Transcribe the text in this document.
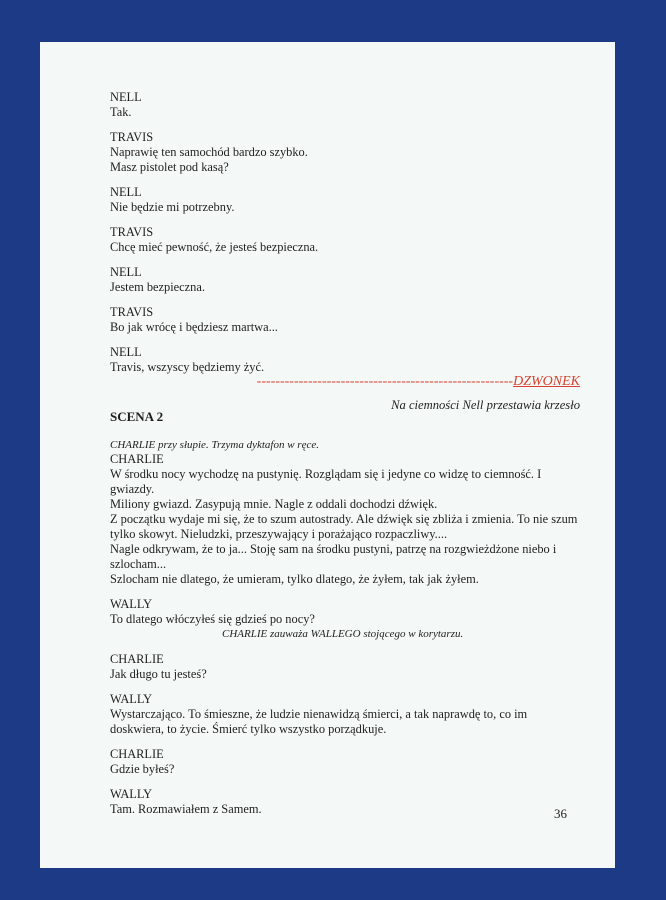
NELL

Tak.

TRAVIS

Naprawię ten samochód bardzo szybko.

Masz pistolet pod kasą?

NELL

Nie będzie mi potrzebny.

TRAVIS

Chcę mieć pewność, że jesteś bezpieczna.

NELL

Jestem bezpieczna.

TRAVIS

Bo jak wrócę i będziesz martwa...

NELL

Travis, wszyscy będziemy żyć.

-------------------------------------------------------DZWONEK

SCENA 2
Na ciemności Nell przestawia krzesło

CHARLIE przy słupie. Trzyma dyktafon w ręce.

CHARLIE

W środku nocy wychodzę na pustynię. Rozglądam się i jedyne co widzę to ciemność. I gwiazdy.

Miliony gwiazd. Zasypują mnie. Nagle z oddali dochodzi dźwięk.

Z początku wydaje mi się, że to szum autostrady. Ale dźwięk się zbliża i zmienia. To nie szum tylko skowyt. Nieludzki, przeszywający i porażająco rozpaczliwy....

Nagle odkrywam, że to ja... Stoję sam na środku pustyni, patrzę na rozgwieżdżone niebo i szlocham...

Szlocham nie dlatego, że umieram, tylko dlatego, że żyłem, tak jak żyłem.

WALLY

To dlatego włóczyłeś się gdzieś po nocy?

CHARLIE zauważa WALLEGO stojącego w korytarzu.

CHARLIE

Jak długo tu jesteś?

WALLY

Wystarczająco. To śmieszne, że ludzie nienawidzą śmierci, a tak naprawdę to, co im doskwiera, to życie. Śmierć tylko wszystko porządkuje.

CHARLIE

Gdzie byłeś?

WALLY

Tam. Rozmawiałem z Samem.	36
